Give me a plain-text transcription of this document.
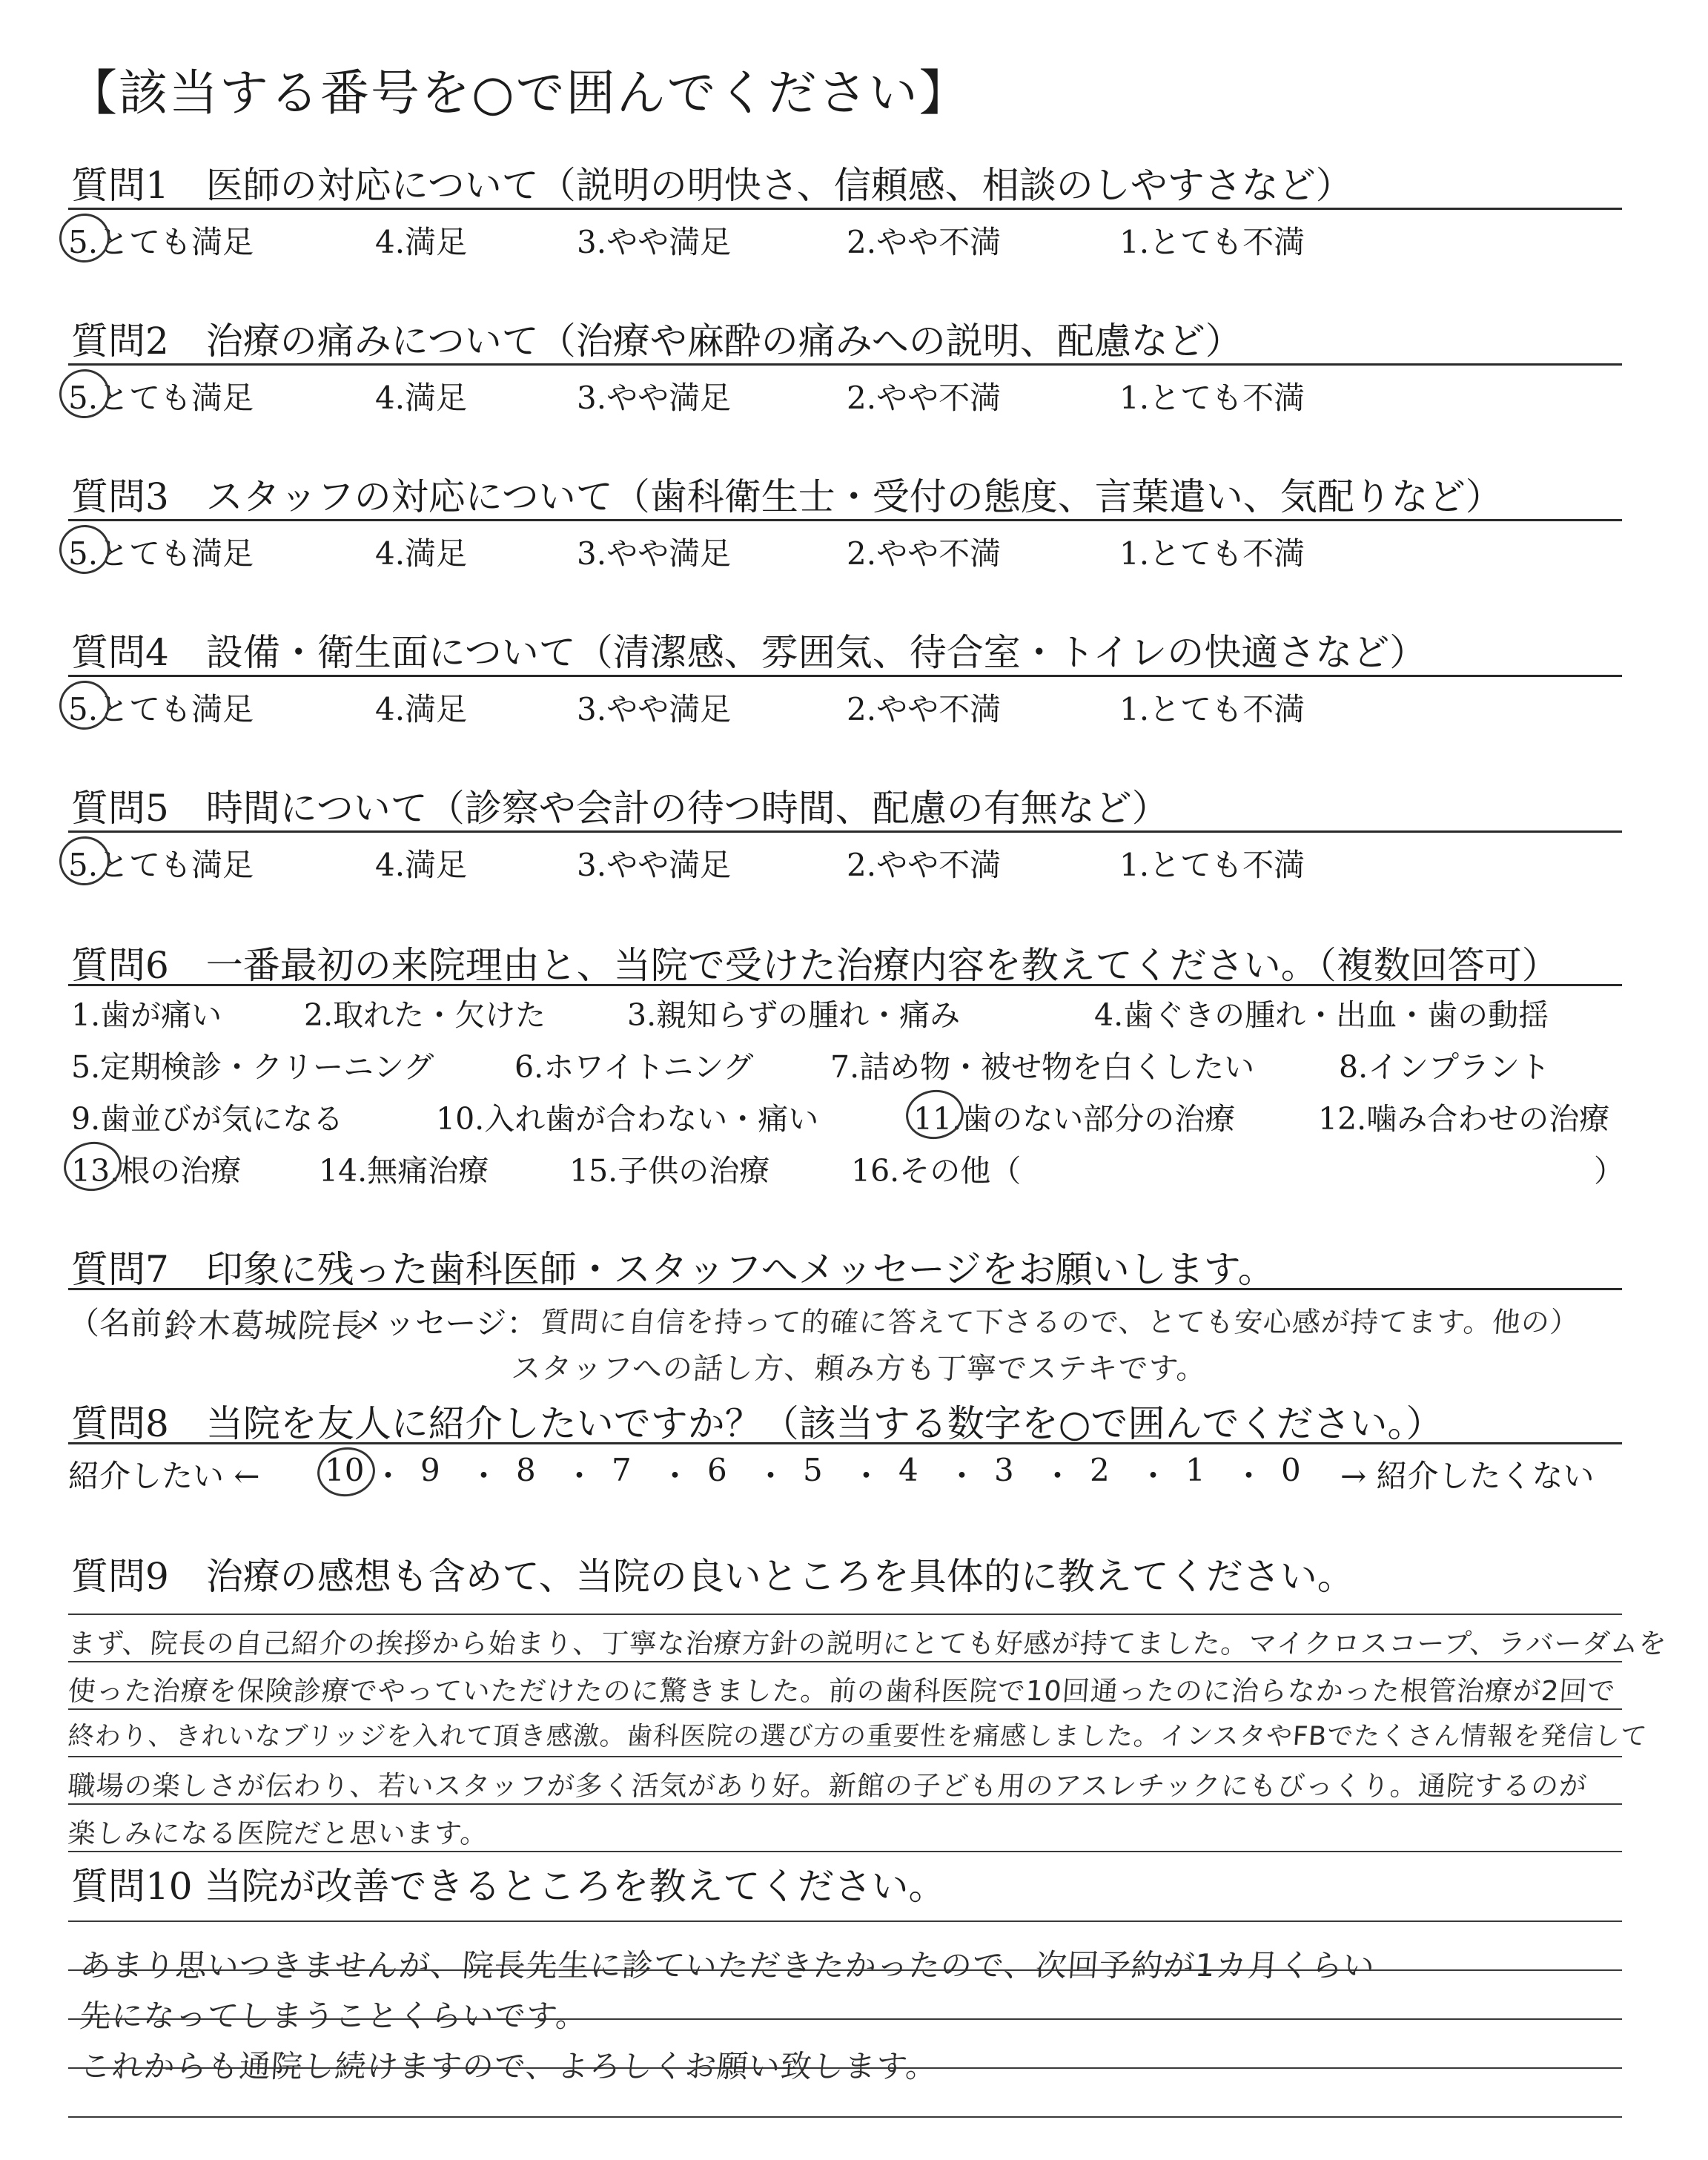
【該当する番号を○で囲んでください】
質問1　医師の対応について（説明の明快さ、信頼感、相談のしやすさなど）
5.とても満足	4.満足	3.やや満足	2.やや不満	1.とても不満
質問2　治療の痛みについて（治療や麻酔の痛みへの説明、配慮など）
5.とても満足	4.満足	3.やや満足	2.やや不満	1.とても不満
質問3　スタッフの対応について（歯科衛生士・受付の態度、言葉遣い、気配りなど）
5.とても満足	4.満足	3.やや満足	2.やや不満	1.とても不満
質問4　設備・衛生面について（清潔感、雰囲気、待合室・トイレの快適さなど）
5.とても満足	4.満足	3.やや満足	2.やや不満	1.とても不満
質問5　時間について（診察や会計の待つ時間、配慮の有無など）
5.とても満足	4.満足	3.やや満足	2.やや不満	1.とても不満
質問6　一番最初の来院理由と、当院で受けた治療内容を教えてください。（複数回答可）
1.歯が痛い	2.取れた・欠けた	3.親知らずの腫れ・痛み	4.歯ぐきの腫れ・出血・歯の動揺
5.定期検診・クリーニング	6.ホワイトニング	7.詰め物・被せ物を白くしたい	8.インプラント
9.歯並びが気になる	10.入れ歯が合わない・痛い	11.歯のない部分の治療	12.噛み合わせの治療
13.根の治療	14.無痛治療	15.子供の治療	16.その他（	）
質問7　印象に残った歯科医師・スタッフへメッセージをお願いします。
（名前：
鈴木葛城院長
メッセージ： 質問に自信を持って的確に答えて下さるので、とても安心感が持てます。他の）
スタッフへの話し方、頼み方も丁寧でステキです。
質問8　当院を友人に紹介したいですか？（該当する数字を○で囲んでください。）
紹介したい ← 10 ・ 9 ・ 8 ・ 7 ・ 6 ・ 5 ・ 4 ・ 3 ・ 2 ・ 1 ・ 0 → 紹介したくない
質問9　治療の感想も含めて、当院の良いところを具体的に教えてください。
まず、院長の自己紹介の挨拶から始まり、丁寧な治療方針の説明にとても好感が持てました。マイクロスコープ、ラバーダムを
使った治療を保険診療でやっていただけたのに驚きました。前の歯科医院で10回通ったのに治らなかった根管治療が2回で
終わり、きれいなブリッジを入れて頂き感激。歯科医院の選び方の重要性を痛感しました。インスタやFBでたくさん情報を発信して
職場の楽しさが伝わり、若いスタッフが多く活気があり好。新館の子ども用のアスレチックにもびっくり。通院するのが
楽しみになる医院だと思います。
質問10 当院が改善できるところを教えてください。
あまり思いつきませんが、院長先生に診ていただきたかったので、次回予約が1カ月くらい
先になってしまうことくらいです。
これからも通院し続けますので、よろしくお願い致します。
